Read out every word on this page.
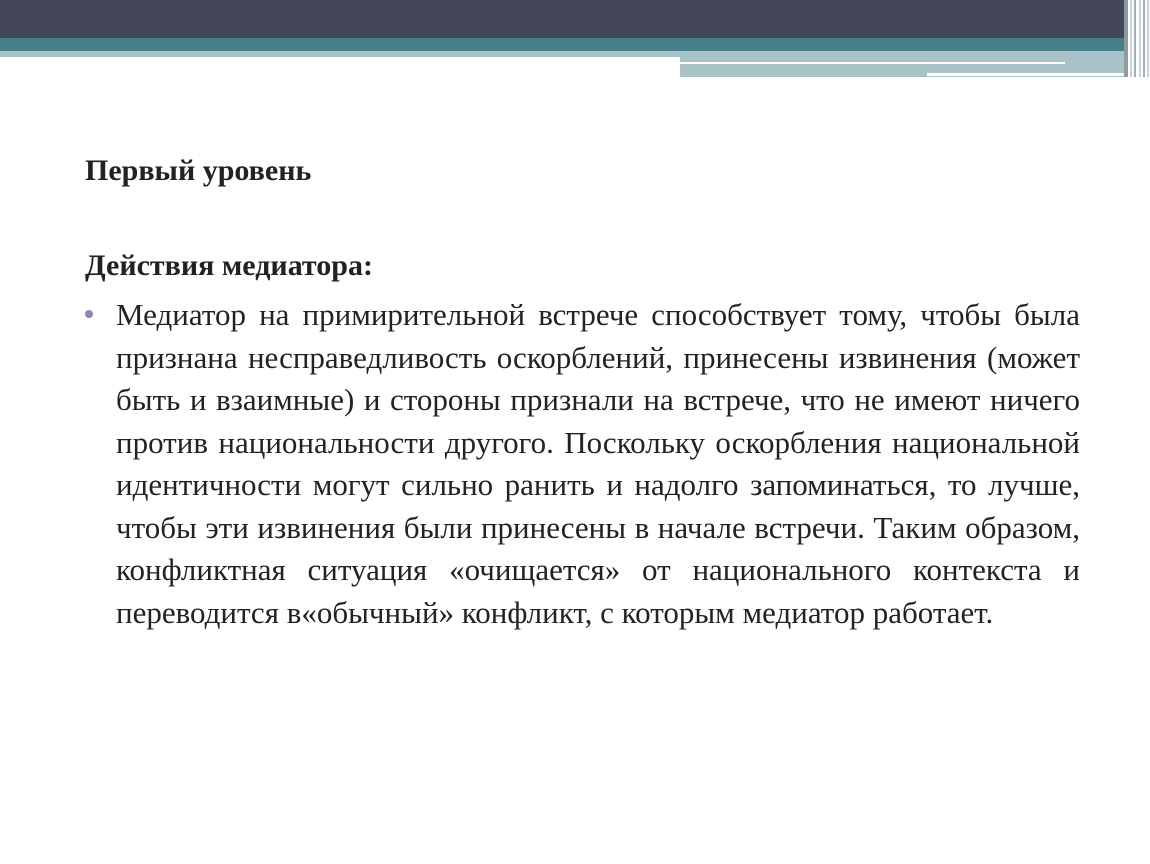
Первый уровень
Действия медиатора:
Медиатор на примирительной встрече способствует тому, чтобы была признана несправедливость оскорблений, принесены извинения (может быть и взаимные) и стороны признали на встрече, что не имеют ничего против национальности другого. Поскольку оскорбления национальной идентичности могут сильно ранить и надолго запоминаться, то лучше, чтобы эти извинения были принесены в начале встречи. Таким образом, конфликтная ситуация «очищается» от национального контекста и переводится в«обычный» конфликт, с которым медиатор работает.
